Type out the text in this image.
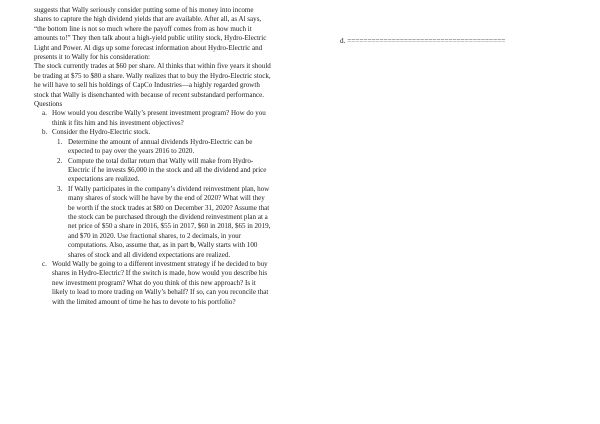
suggests that Wally seriously consider putting some of his money into income shares to capture the high dividend yields that are available. After all, as Al says, “the bottom line is not so much where the payoff comes from as how much it amounts to!” They then talk about a high-yield public utility stock, Hydro-Electric Light and Power. Al digs up some forecast information about Hydro-Electric and presents it to Wally for his consideration:

The stock currently trades at $60 per share. Al thinks that within five years it should be trading at $75 to $80 a share. Wally realizes that to buy the Hydro-Electric stock, he will have to sell his holdings of CapCo Industries—a highly regarded growth stock that Wally is disenchanted with because of recent substandard performance.

Questions

a. How would you describe Wally’s present investment program? How do you think it fits him and his investment objectives?
b. Consider the Hydro-Electric stock.
1. Determine the amount of annual dividends Hydro-Electric can be expected to pay over the years 2016 to 2020.
2. Compute the total dollar return that Wally will make from Hydro-Electric if he invests $6,000 in the stock and all the dividend and price expectations are realized.
3. If Wally participates in the company’s dividend reinvestment plan, how many shares of stock will he have by the end of 2020? What will they be worth if the stock trades at $80 on December 31, 2020? Assume that the stock can be purchased through the dividend reinvestment plan at a net price of $50 a share in 2016, $55 in 2017, $60 in 2018, $65 in 2019, and $70 in 2020. Use fractional shares, to 2 decimals, in your computations. Also, assume that, as in part b, Wally starts with 100 shares of stock and all dividend expectations are realized.
c. Would Wally be going to a different investment strategy if he decided to buy shares in Hydro-Electric? If the switch is made, how would you describe his new investment program? What do you think of this new approach? Is it likely to lead to more trading on Wally’s behalf? If so, can you reconcile that with the limited amount of time he has to devote to his portfolio?
d. =======================================
